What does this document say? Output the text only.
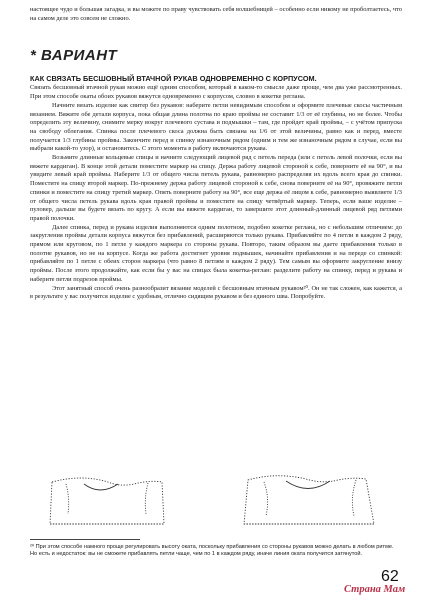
настоящее чудо и большая загадка, и вы можете по праву чувствовать себя волшебницей – особенно если никому не проболтаетесь, что на самом деле это совсем не сложно.

* ВАРИАНТ
КАК СВЯЗАТЬ БЕСШОВНЫЙ ВТАЧНОЙ РУКАВ ОДНОВРЕМЕННО С КОРПУСОМ.

Связать бесшовный втачной рукав можно ещё одним способом, который в каком-то смысле даже проще, чем два уже рассмотренных. При этом способе окаты обоих рукавов вяжутся одновременно с корпусом, словно в кокетке реглана.

Начните вязать изделие как свитер без рукавов: наберите петли невидимым способом и оформите плечевые скосы частичным вязанием. Вяжите обе детали корпуса, пока общая длина полотна по краю проймы не составит 1/3 от её глубины, но не более. Чтобы определить эту величину, снимите мерку вокруг плечевого сустава и подмышки – там, где пройдет край проймы, – с учётом припуска на свободу облегания. Спинка после плечевого скоса должна быть связана на 1/6 от этой величины, равно как и перед, вместе получается 1/3 глубины проймы. Закончите перед и спинку изнаночным рядом (одним и тем же изнаночным рядом в случае, если вы выбрали какой-то узор), и остановитесь. С этого момента в работу включаются рукава.

Возьмите длинные кольцевые спицы и начните следующий лицевой ряд с петель переда (или с петель левой полочки, если вы вяжете кардиган). В конце этой детали поместите маркер на спицу. Держа работу лицевой стороной к себе, поверните её на 90°, и вы увидите левый край проймы. Наберите 1/3 от общего числа петель рукава, равномерно распределяя их вдоль всего края до спинки. Поместите на спицу второй маркер. По-прежнему держа работу лицевой стороной к себе, снова поверните её на 90°, провяжите петли спинки и поместите на спицу третий маркер. Опять поверните работу на 90°, все еще держа её лицом к себе, равномерно выявляете 1/3 от общего числа петель рукава вдоль края правой проймы и поместите на спицу четвёртый маркер. Теперь, если ваше изделие – пуловер, дальше вы будете вязать по кругу. А если вы вяжете кардиган, то завершите этот длинный-длинный лицевой ряд петлями правой полочки.

Далее спинка, перед и рукава изделия выполняются одним полотном, подобно кокетке реглана, но с небольшим отличием: до закругления проймы детали корпуса вяжутся без прибавлений, расширяются только рукава. Прибавляйте по 4 петли в каждом 2 ряду, прямом или круговом, по 1 петле у каждого маркера со стороны рукава. Повторо, таким образом вы даете прибавления только в полотне рукавов, но не на корпусе. Когда же работа достигнет уровня подмышек, начинайте прибавления и на переде со спинкой: прибавляйте по 1 петле с обеих сторон маркера (что равно 8 петлям в каждом 2 ряду). Тем самым вы оформите закругление внизу проймы. После этого продолжайте, как если бы у вас на спицах была кокетка-реглан: разделите работу на спинку, перед и рукава и наберите петли подрезов проймы.

Этот занятный способ очень разнообразит вязание моделей с бесшовным втачным рукавом²⁰. Он не так сложен, как кажется, а в результате у вас получится изделие с удобным, отлично сидящим рукавом и без единого шва. Попробуйте.

²⁰ При этом способе намного проще регулировать высоту оката, поскольку прибавления со стороны рукавов можно делать в любом ритме. Но есть и недостаток: вы не сможете прибавлять петли чаще, чем по 1 в каждом ряду, иначе линия оката получится затянутой.

62
Страна Мам
